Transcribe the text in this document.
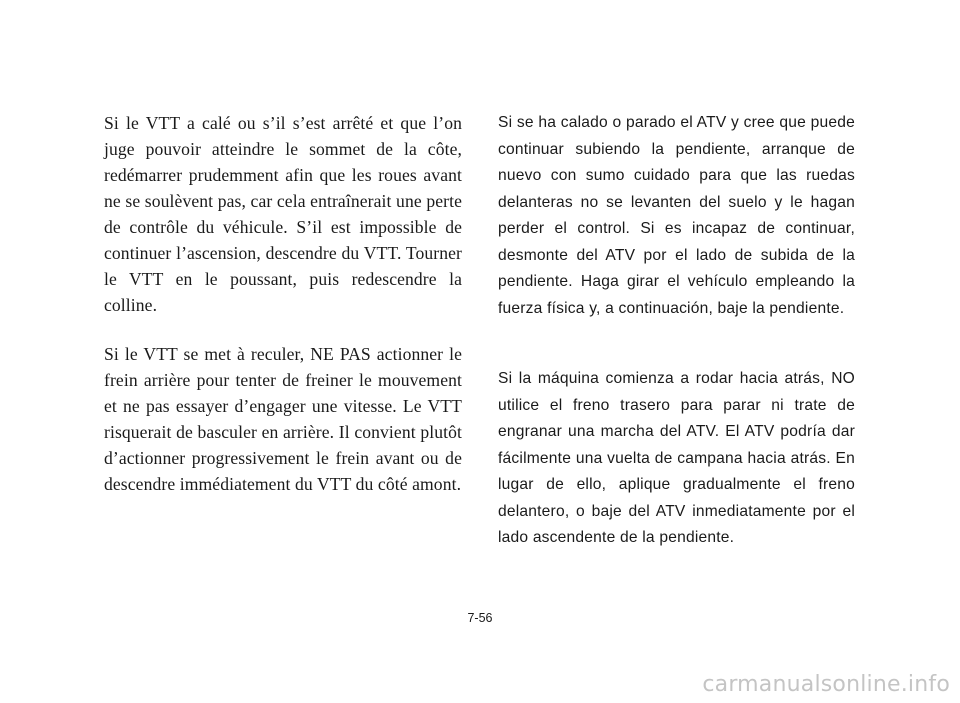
Si le VTT a calé ou s’il s’est arrêté et que l’on juge pouvoir atteindre le sommet de la côte, redémarrer prudemment afin que les roues avant ne se soulèvent pas, car cela entraînerait une perte de contrôle du véhicule. S’il est impossible de continuer l’ascension, descendre du VTT. Tourner le VTT en le poussant, puis redescendre la colline.

Si le VTT se met à reculer, NE PAS actionner le frein arrière pour tenter de freiner le mouvement et ne pas essayer d’engager une vitesse. Le VTT risquerait de basculer en arrière. Il convient plutôt d’actionner progressivement le frein avant ou de descendre immédiatement du VTT du côté amont.

Si se ha calado o parado el ATV y cree que puede continuar subiendo la pendiente, arranque de nuevo con sumo cuidado para que las ruedas delanteras no se levanten del suelo y le hagan perder el control. Si es incapaz de continuar, desmonte del ATV por el lado de subida de la pendiente. Haga girar el vehículo empleando la fuerza física y, a continuación, baje la pendiente.

Si la máquina comienza a rodar hacia atrás, NO utilice el freno trasero para parar ni trate de engranar una marcha del ATV. El ATV podría dar fácilmente una vuelta de campana hacia atrás. En lugar de ello, aplique gradualmente el freno delantero, o baje del ATV inmediatamente por el lado ascendente de la pendiente.

7-56
carmanualsonline.info
